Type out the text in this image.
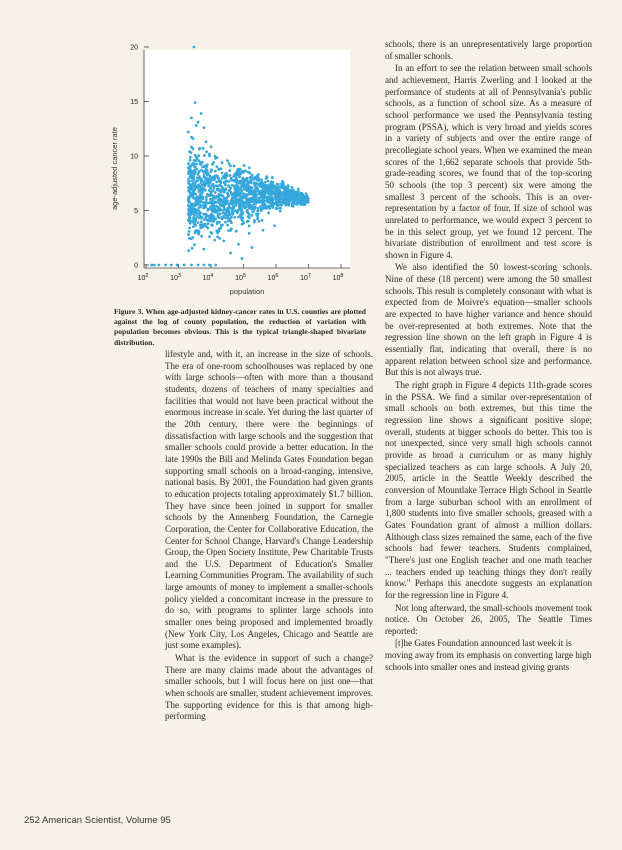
0
5
10
15
20
$10^2$	$10^3$	$10^4$	$10^5$	$10^6$	$10^7$	$10^8$
age-adjusted cancer rate
population
Figure 3. When age-adjusted kidney-cancer rates in U.S. counties are plotted against the log of county population, the reduction of variation with population becomes obvious. This is the typical triangle-shaped bivariate distribution.

lifestyle and, with it, an increase in the size of schools. The era of one-room schoolhouses was replaced by one with large schools—often with more than a thousand students, dozens of teachers of many specialties and facilities that would not have been practical without the enormous increase in scale. Yet during the last quarter of the 20th century, there were the beginnings of dissatisfaction with large schools and the suggestion that smaller schools could provide a better education. In the late 1990s the Bill and Melinda Gates Foundation began supporting small schools on a broad-ranging, intensive, national basis. By 2001, the Foundation had given grants to education projects totaling approximately $1.7 billion. They have since been joined in support for smaller schools by the Annenberg Foundation, the Carnegie Corporation, the Center for Collaborative Education, the Center for School Change, Harvard's Change Leadership Group, the Open Society Institute, Pew Charitable Trusts and the U.S. Department of Education's Smaller Learning Communities Program. The availability of such large amounts of money to implement a smaller-schools policy yielded a concomitant increase in the pressure to do so, with programs to splinter large schools into smaller ones being proposed and implemented broadly (New York City, Los Angeles, Chicago and Seattle are just some examples).

What is the evidence in support of such a change? There are many claims made about the advantages of smaller schools, but I will focus here on just one—that when schools are smaller, student achievement improves. The supporting evidence for this is that among high-performing

schools, there is an unrepresentatively large proportion of smaller schools.

In an effort to see the relation between small schools and achievement, Harris Zwerling and I looked at the performance of students at all of Pennsylvania's public schools, as a function of school size. As a measure of school performance we used the Pennsylvania testing program (PSSA), which is very broad and yields scores in a variety of subjects and over the entire range of precollegiate school years. When we examined the mean scores of the 1,662 separate schools that provide 5th-grade-reading scores, we found that of the top-scoring 50 schools (the top 3 percent) six were among the smallest 3 percent of the schools. This is an over-representation by a factor of four. If size of school was unrelated to performance, we would expect 3 percent to be in this select group, yet we found 12 percent. The bivariate distribution of enrollment and test score is shown in Figure 4.

We also identified the 50 lowest-scoring schools. Nine of these (18 percent) were among the 50 smallest schools. This result is completely consonant with what is expected from de Moivre's equation—smaller schools are expected to have higher variance and hence should be over-represented at both extremes. Note that the regression line shown on the left graph in Figure 4 is essentially flat, indicating that overall, there is no apparent relation between school size and performance. But this is not always true.

The right graph in Figure 4 depicts 11th-grade scores in the PSSA. We find a similar over-representation of small schools on both extremes, but this time the regression line shows a significant positive slope; overall, students at bigger schools do better. This too is not unexpected, since very small high schools cannot provide as broad a curriculum or as many highly specialized teachers as can large schools. A July 20, 2005, article in the Seattle Weekly described the conversion of Mountlake Terrace High School in Seattle from a large suburban school with an enrollment of 1,800 students into five smaller schools, greased with a Gates Foundation grant of almost a million dollars. Although class sizes remained the same, each of the five schools had fewer teachers. Students complained, "There's just one English teacher and one math teacher ... teachers ended up teaching things they don't really know." Perhaps this anecdote suggests an explanation for the regression line in Figure 4.

Not long afterward, the small-schools movement took notice. On October 26, 2005, The Seattle Times reported:

[t]he Gates Foundation announced last week it is moving away from its emphasis on converting large high schools into smaller ones and instead giving grants

252 American Scientist, Volume 95
